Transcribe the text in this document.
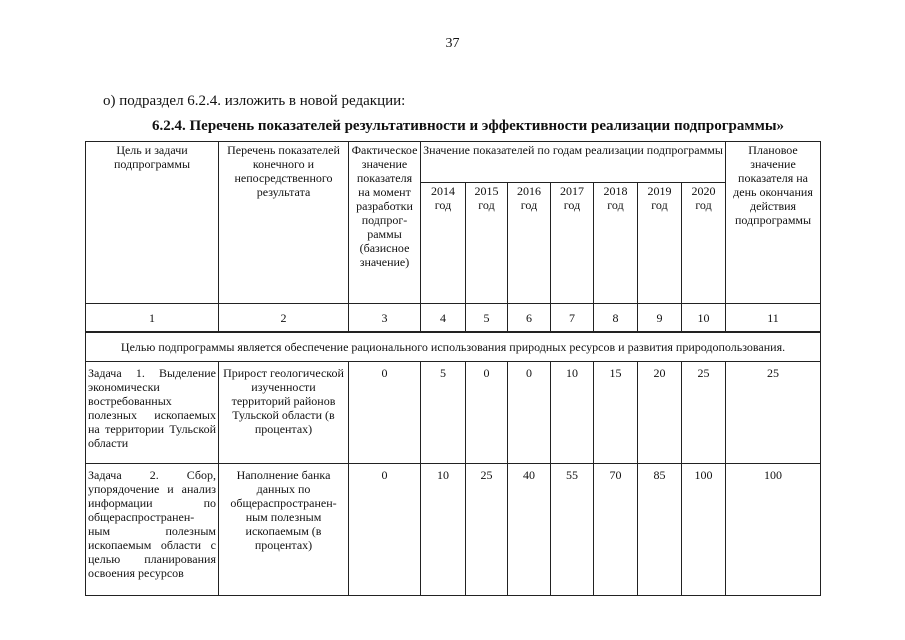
37
о) подраздел 6.2.4. изложить в новой редакции:
6.2.4. Перечень показателей результативности и эффективности реализации подпрограммы»
Цель и задачи подпрограммы	Перечень показателей конечного и непосредственного результата	Фактическое значение показателя на момент разработки подпрог-раммы (базисное значение)	Значение показателей по годам реализации подпрограммы							Плановое значение показателя на день окончания действия подпрограммы
			2014 год	2015 год	2016 год	2017 год	2018 год	2019 год	2020 год	
1	2	3	4	5	6	7	8	9	10	11
Целью подпрограммы является обеспечение рационального использования природных ресурсов и развития природопользования.										
Задача 1. Выделение экономически востребованных полезных ископаемых на территории Тульской области	Прирост геологической изученности территорий районов Тульской области (в процентах)	0	5	0	0	10	15	20	25	25
Задача 2. Сбор, упорядочение и анализ информации по общераспространен-ным полезным ископаемым области с целью планирования освоения ресурсов	Наполнение банка данных по общераспространен-ным полезным ископаемым (в процентах)	0	10	25	40	55	70	85	100	100
